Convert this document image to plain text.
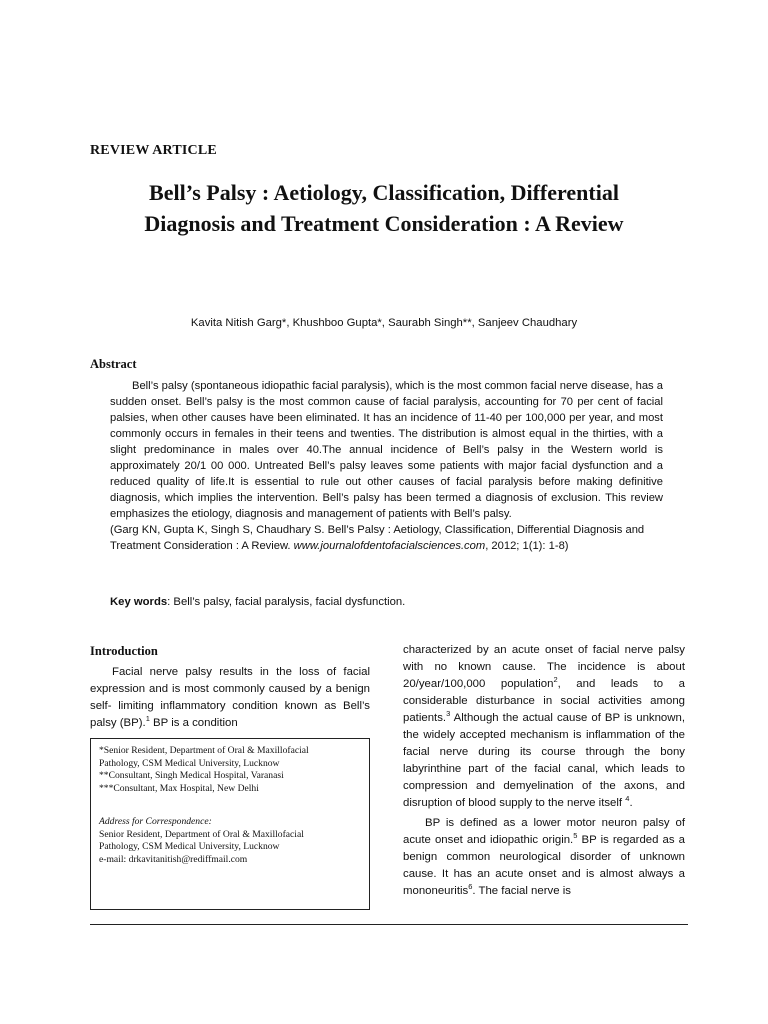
REVIEW ARTICLE
Bell’s Palsy : Aetiology, Classification, Differential
Diagnosis and Treatment Consideration : A Review
Kavita Nitish Garg*, Khushboo Gupta*, Saurabh Singh**, Sanjeev Chaudhary
Abstract

Bell’s palsy (spontaneous idiopathic facial paralysis), which is the most common facial nerve disease, has a sudden onset. Bell’s palsy is the most common cause of facial paralysis, accounting for 70 per cent of facial palsies, when other causes have been eliminated. It has an incidence of 11-40 per 100,000 per year, and most commonly occurs in females in their teens and twenties. The distribution is almost equal in the thirties, with a slight predominance in males over 40.The annual incidence of Bell’s palsy in the Western world is approximately 20/1 00 000. Untreated Bell’s palsy leaves some patients with major facial dysfunction and a reduced quality of life.It is essential to rule out other causes of facial paralysis before making definitive diagnosis, which implies the intervention. Bell’s palsy has been termed a diagnosis of exclusion. This review emphasizes the etiology, diagnosis and management of patients with Bell’s palsy.

(Garg KN, Gupta K, Singh S, Chaudhary S. Bell’s Palsy : Aetiology, Classification, Differential Diagnosis and Treatment Consideration : A Review. www.journalofdentofacialsciences.com, 2012; 1(1): 1-8)

Key words: Bell’s palsy, facial paralysis, facial dysfunction.
Introduction

Facial nerve palsy results in the loss of facial expression and is most commonly caused by a benign self- limiting inflammatory condition known as Bell’s palsy (BP).$^1$ BP is a condition

*Senior Resident, Department of Oral & Maxillofacial
Pathology, CSM Medical University, Lucknow
**Consultant, Singh Medical Hospital, Varanasi
***Consultant, Max Hospital, New Delhi
Address for Correspondence:
Senior Resident, Department of Oral & Maxillofacial
Pathology, CSM Medical University, Lucknow
e-mail: drkavitanitish@rediffmail.com

characterized by an acute onset of facial nerve palsy with no known cause. The incidence is about 20/year/100,000 population$^2$, and leads to a considerable disturbance in social activities among patients.$^3$ Although the actual cause of BP is unknown, the widely accepted mechanism is inflammation of the facial nerve during its course through the bony labyrinthine part of the facial canal, which leads to compression and demyelination of the axons, and disruption of blood supply to the nerve itself $^4$.

BP is defined as a lower motor neuron palsy of acute onset and idiopathic origin.$^5$ BP is regarded as a benign common neurological disorder of unknown cause. It has an acute onset and is almost always a mononeuritis$^6$. The facial nerve is
